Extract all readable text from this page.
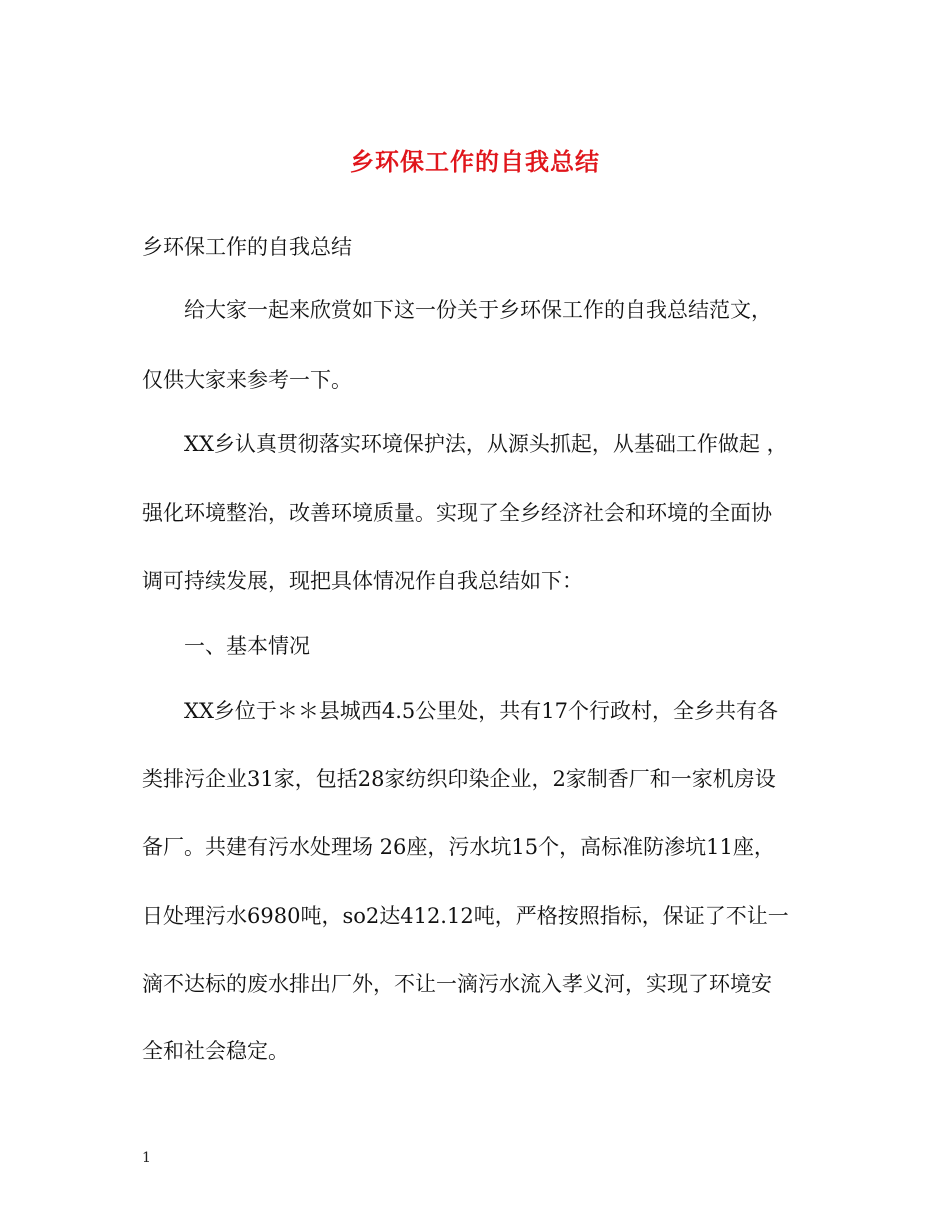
乡环保工作的自我总结
乡环保工作的自我总结
给大家一起来欣赏如下这一份关于乡环保工作的自我总结范文，
仅供大家来参考一下。
XX乡认真贯彻落实环境保护法，从源头抓起，从基础工作做起 ，
强化环境整治，改善环境质量。实现了全乡经济社会和环境的全面协
调可持续发展，现把具体情况作自我总结如下：
一、基本情况
XX乡位于＊＊县城西4.5公里处，共有17个行政村，全乡共有各
类排污企业31家，包括28家纺织印染企业，2家制香厂和一家机房设
备厂。共建有污水处理场 26座，污水坑15个，高标准防渗坑11座，
日处理污水6980吨，so2达412.12吨，严格按照指标，保证了不让一
滴不达标的废水排出厂外，不让一滴污水流入孝义河，实现了环境安
全和社会稳定。
1
